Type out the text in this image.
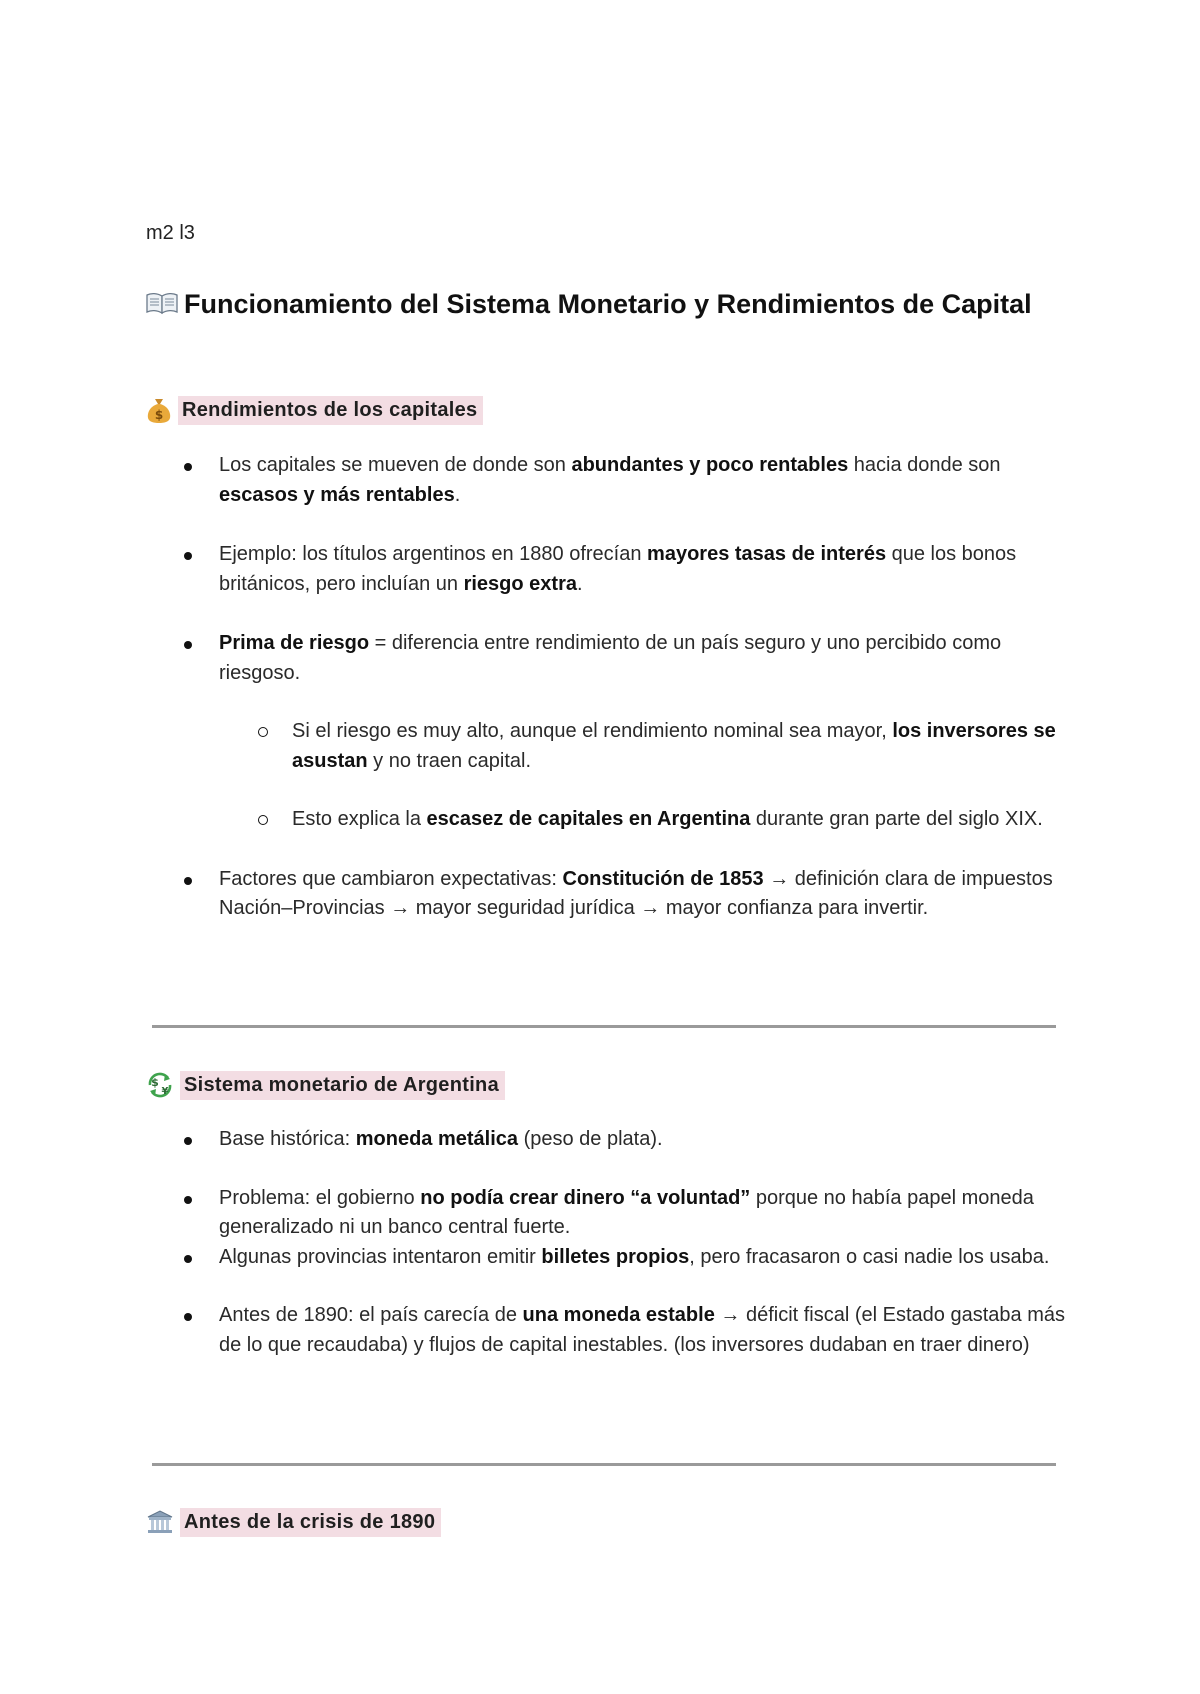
m2 l3
Funcionamiento del Sistema Monetario y Rendimientos de Capital
$ Rendimientos de los capitales
Los capitales se mueven de donde son abundantes y poco rentables hacia donde son escasos y más rentables.
Ejemplo: los títulos argentinos en 1880 ofrecían mayores tasas de interés que los bonos británicos, pero incluían un riesgo extra.
Prima de riesgo = diferencia entre rendimiento de un país seguro y uno percibido como riesgoso.
Si el riesgo es muy alto, aunque el rendimiento nominal sea mayor, los inversores se asustan y no traen capital.
Esto explica la escasez de capitales en Argentina durante gran parte del siglo XIX.
Factores que cambiaron expectativas: Constitución de 1853 → definición clara de impuestos Nación–Provincias → mayor seguridad jurídica → mayor confianza para invertir.
$
¥ Sistema monetario de Argentina
Base histórica: moneda metálica (peso de plata).
Problema: el gobierno no podía crear dinero “a voluntad” porque no había papel moneda generalizado ni un banco central fuerte.
Algunas provincias intentaron emitir billetes propios, pero fracasaron o casi nadie los usaba.
Antes de 1890: el país carecía de una moneda estable → déficit fiscal (el Estado gastaba más de lo que recaudaba) y flujos de capital inestables. (los inversores dudaban en traer dinero)
Antes de la crisis de 1890
